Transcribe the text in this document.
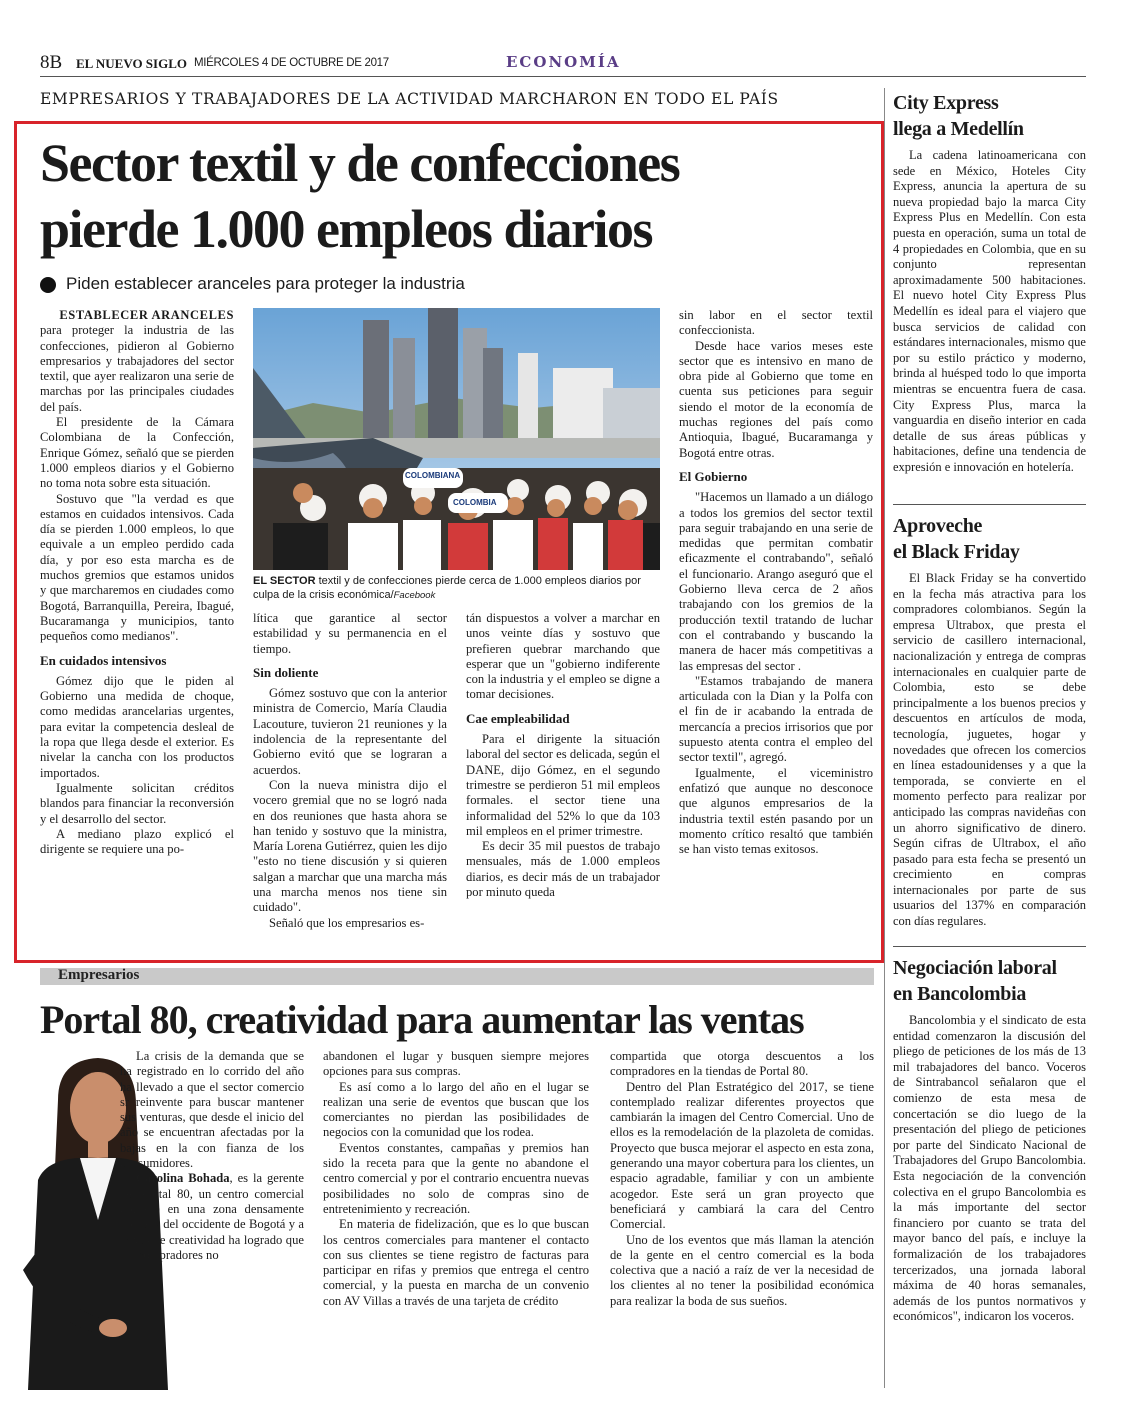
8B EL NUEVO SIGLO MIÉRCOLES 4 DE OCTUBRE DE 2017	ECONOMÍA
EMPRESARIOS Y TRABAJADORES DE LA ACTIVIDAD MARCHARON EN TODO EL PAÍS
Sector textil y de confecciones
pierde 1.000 empleos diarios
Piden establecer aranceles para proteger la industria

ESTABLECER ARANCELES
para proteger la industria de las confecciones, pidieron al Gobierno empresarios y trabajadores del sector textil, que ayer realizaron una serie de marchas por las principales ciudades del país.

El presidente de la Cámara Colombiana de la Confección, Enrique Gómez, señaló que se pierden 1.000 empleos diarios y el Gobierno no toma nota sobre esta situación.

Sostuvo que "la verdad es que estamos en cuidados intensivos. Cada día se pierden 1.000 empleos, lo que equivale a un empleo perdido cada día, y por eso esta marcha es de muchos gremios que estamos unidos y que marcharemos en ciudades como Bogotá, Barranquilla, Pereira, Ibagué, Bucaramanga y municipios, tanto pequeños como medianos".

En cuidados intensivos

Gómez dijo que le piden al Gobierno una medida de choque, como medidas arancelarias urgentes, para evitar la competencia desleal de la ropa que llega desde el exterior. Es nivelar la cancha con los productos importados.

Igualmente solicitan créditos blandos para financiar la reconversión y el desarrollo del sector.

A mediano plazo explicó el dirigente se requiere una po-

COLOMBIANA
COLOMBIA
EL SECTOR textil y de confecciones pierde cerca de 1.000 empleos diarios por culpa de la crisis económica/Facebook

lítica que garantice al sector estabilidad y su permanencia en el tiempo.

Sin doliente

Gómez sostuvo que con la anterior ministra de Comercio, María Claudia Lacouture, tuvieron 21 reuniones y la indolencia de la representante del Gobierno evitó que se lograran a acuerdos.

Con la nueva ministra dijo el vocero gremial que no se logró nada en dos reuniones que hasta ahora se han tenido y sostuvo que la ministra, María Lorena Gutiérrez, quien les dijo "esto no tiene discusión y si quieren salgan a marchar que una marcha más una marcha menos nos tiene sin cuidado".

Señaló que los empresarios es-

tán dispuestos a volver a marchar en unos veinte días y sostuvo que prefieren quebrar marchando que esperar que un "gobierno indiferente con la industria y el empleo se digne a tomar decisiones.

Cae empleabilidad

Para el dirigente la situación laboral del sector es delicada, según el DANE, dijo Gómez, en el segundo trimestre se perdieron 51 mil empleos formales. el sector tiene una informalidad del 52% lo que da 103 mil empleos en el primer trimestre.

Es decir 35 mil puestos de trabajo mensuales, más de 1.000 empleos diarios, es decir más de un trabajador por minuto queda

sin labor en el sector textil confeccionista.

Desde hace varios meses este sector que es intensivo en mano de obra pide al Gobierno que tome en cuenta sus peticiones para seguir siendo el motor de la economía de muchas regiones del país como Antioquia, Ibagué, Bucaramanga y Bogotá entre otras.

El Gobierno

"Hacemos un llamado a un diálogo a todos los gremios del sector textil para seguir trabajando en una serie de medidas que permitan combatir eficazmente el contrabando", señaló el funcionario. Arango aseguró que el Gobierno lleva cerca de 2 años trabajando con los gremios de la producción textil tratando de luchar con el contrabando y buscando la manera de hacer más competitivas a las empresas del sector .

"Estamos trabajando de manera articulada con la Dian y la Polfa con el fin de ir acabando la entrada de mercancía a precios irrisorios que por supuesto atenta contra el empleo del sector textil", agregó.

Igualmente, el viceministro enfatizó que aunque no desconoce que algunos empresarios de la industria textil estén pasando por un momento crítico resaltó que también se han visto temas exitosos.

Empresarios
Portal 80, creatividad para aumentar las ventas

La crisis de la demanda que se ha registrado en lo corrido del año ha llevado a que el sector comercio sr reinvente para buscar mantener sus venturas, que desde el inicio del año se encuentran afectadas por la bajas en la con fianza de los consumidores.

Carolina Bohada, es la gerente del Portal 80, un centro comercial ubicado en una zona densamente poblada del occidente de Bogotá y a través de creatividad ha logrado que los compradores no

abandonen el lugar y busquen siempre mejores opciones para sus compras.

Es así como a lo largo del año en el lugar se realizan una serie de eventos que buscan que los comerciantes no pierdan las posibilidades de negocios con la comunidad que los rodea.

Eventos constantes, campañas y premios han sido la receta para que la gente no abandone el centro comercial y por el contrario encuentra nuevas posibilidades no solo de compras sino de entretenimiento y recreación.

En materia de fidelización, que es lo que buscan los centros comerciales para mantener el contacto con sus clientes se tiene registro de facturas para participar en rifas y premios que entrega el centro comercial, y la puesta en marcha de un convenio con AV Villas a través de una tarjeta de crédito

compartida que otorga descuentos a los compradores en la tiendas de Portal 80.

Dentro del Plan Estratégico del 2017, se tiene contemplado realizar diferentes proyectos que cambiarán la imagen del Centro Comercial. Uno de ellos es la remodelación de la plazoleta de comidas. Proyecto que busca mejorar el aspecto en esta zona, generando una mayor cobertura para los clientes, un espacio agradable, familiar y con un ambiente acogedor. Este será un gran proyecto que beneficiará y cambiará la cara del Centro Comercial.

Uno de los eventos que más llaman la atención de la gente en el centro comercial es la boda colectiva que a nació a raíz de ver la necesidad de los clientes al no tener la posibilidad económica para realizar la boda de sus sueños.

City Express
llega a Medellín

La cadena latinoamericana con sede en México, Hoteles City Express, anuncia la apertura de su nueva propiedad bajo la marca City Express Plus en Medellín. Con esta puesta en operación, suma un total de 4 propiedades en Colombia, que en su conjunto representan aproximadamente 500 habitaciones. El nuevo hotel City Express Plus Medellín es ideal para el viajero que busca servicios de calidad con estándares internacionales, mismo que por su estilo práctico y moderno, brinda al huésped todo lo que importa mientras se encuentra fuera de casa. City Express Plus, marca la vanguardia en diseño interior en cada detalle de sus áreas públicas y habitaciones, define una tendencia de expresión e innovación en hotelería.

Aproveche
el Black Friday

El Black Friday se ha convertido en la fecha más atractiva para los compradores colombianos. Según la empresa Ultrabox, que presta el servicio de casillero internacional, nacionalización y entrega de compras internacionales en cualquier parte de Colombia, esto se debe principalmente a los buenos precios y descuentos en artículos de moda, tecnología, juguetes, hogar y novedades que ofrecen los comercios en línea estadounidenses y a que la temporada, se convierte en el momento perfecto para realizar por anticipado las compras navideñas con un ahorro significativo de dinero. Según cifras de Ultrabox, el año pasado para esta fecha se presentó un crecimiento en compras internacionales por parte de sus usuarios del 137% en comparación con días regulares.

Negociación laboral
en Bancolombia

Bancolombia y el sindicato de esta entidad comenzaron la discusión del pliego de peticiones de los más de 13 mil trabajadores del banco. Voceros de Sintrabancol señalaron que el comienzo de esta mesa de concertación se dio luego de la presentación del pliego de peticiones por parte del Sindicato Nacional de Trabajadores del Grupo Bancolombia. Esta negociación de la convención colectiva en el grupo Bancolombia es la más importante del sector financiero por cuanto se trata del mayor banco del país, e incluye la formalización de los trabajadores tercerizados, una jornada laboral máxima de 40 horas semanales, además de los puntos normativos y económicos", indicaron los voceros.
